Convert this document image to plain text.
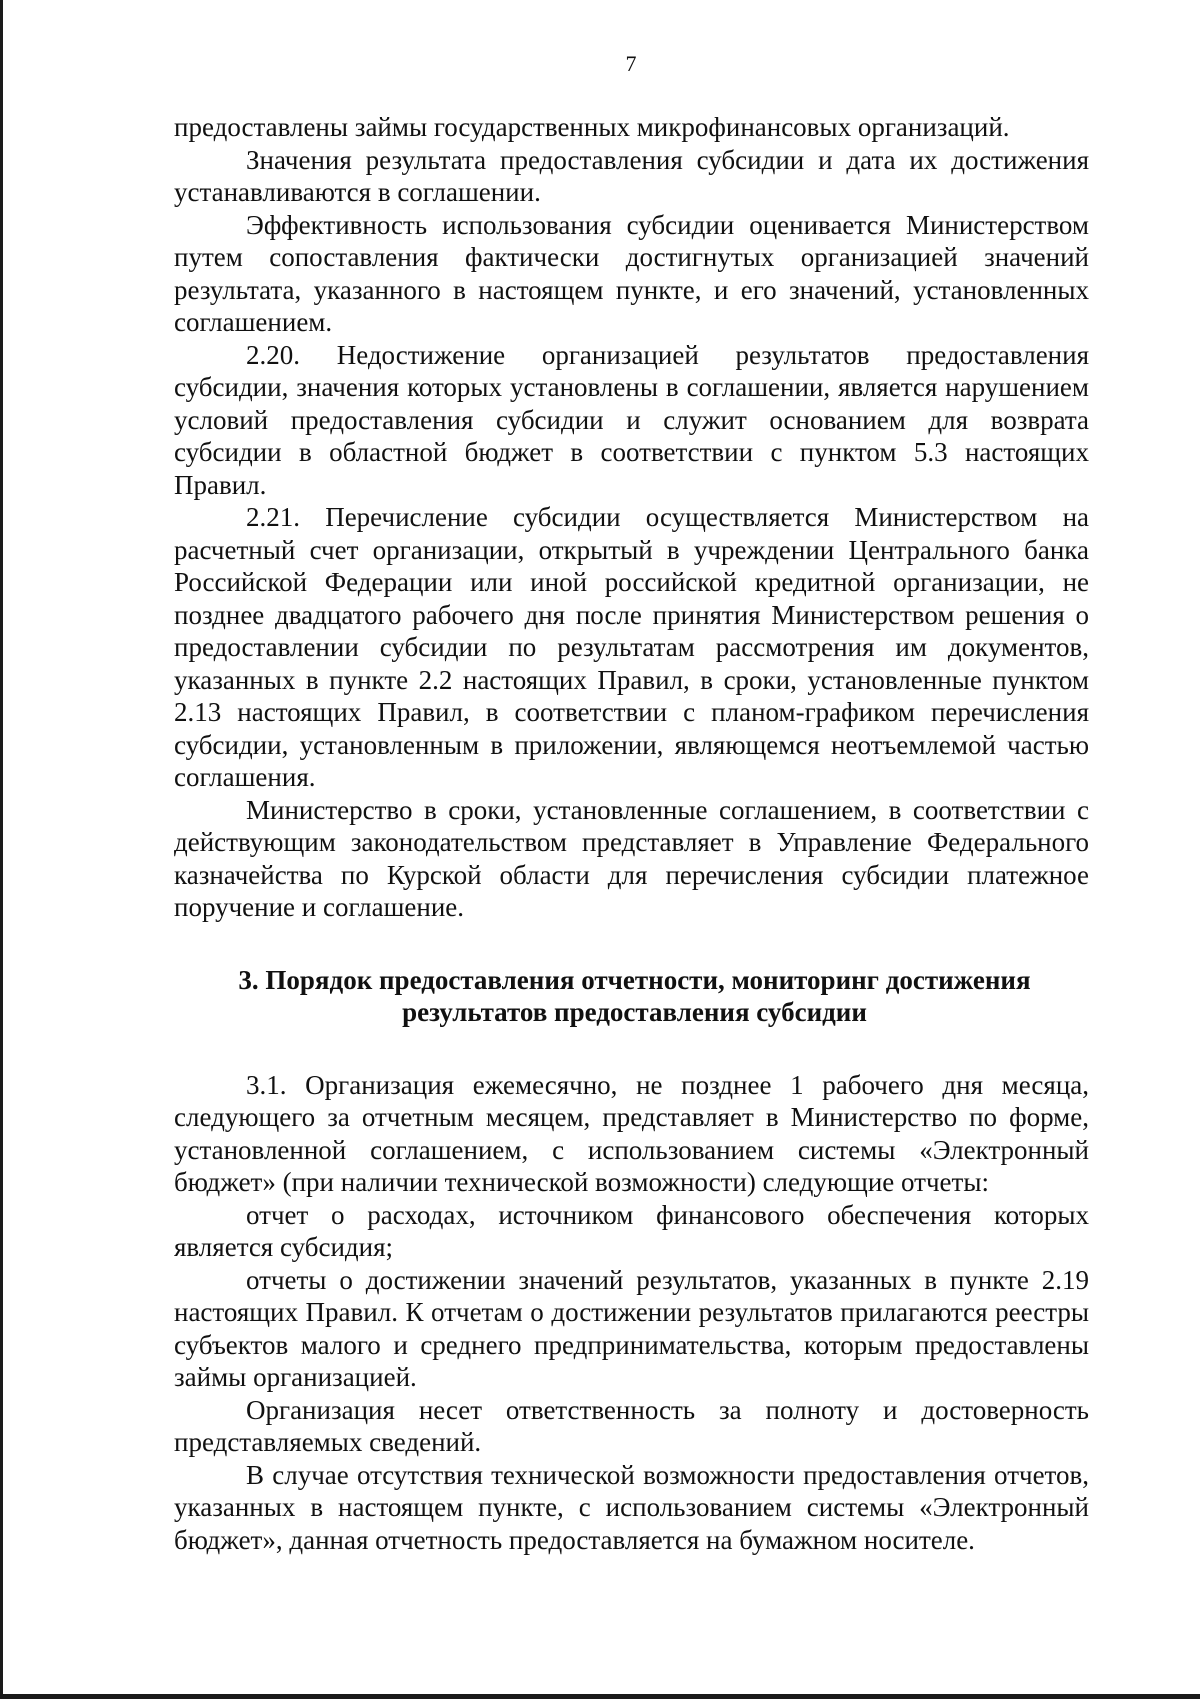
7

предоставлены займы государственных микрофинансовых организаций.

Значения результата предоставления субсидии и дата их достижения устанавливаются в соглашении.

Эффективность использования субсидии оценивается Министерством путем сопоставления фактически достигнутых организацией значений результата, указанного в настоящем пункте, и его значений, установленных соглашением.

2.20. Недостижение организацией результатов предоставления субсидии, значения которых установлены в соглашении, является нарушением условий предоставления субсидии и служит основанием для возврата субсидии в областной бюджет в соответствии с пунктом 5.3 настоящих Правил.

2.21. Перечисление субсидии осуществляется Министерством на расчетный счет организации, открытый в учреждении Центрального банка Российской Федерации или иной российской кредитной организации, не позднее двадцатого рабочего дня после принятия Министерством решения о предоставлении субсидии по результатам рассмотрения им документов, указанных в пункте 2.2 настоящих Правил, в сроки, установленные пунктом 2.13 настоящих Правил, в соответствии с планом-графиком перечисления субсидии, установленным в приложении, являющемся неотъемлемой частью соглашения.

Министерство в сроки, установленные соглашением, в соответствии с действующим законодательством представляет в Управление Федерального казначейства по Курской области для перечисления субсидии платежное поручение и соглашение.

3. Порядок предоставления отчетности, мониторинг достижения
результатов предоставления субсидии

3.1. Организация ежемесячно, не позднее 1 рабочего дня месяца, следующего за отчетным месяцем, представляет в Министерство по форме, установленной соглашением, с использованием системы «Электронный бюджет» (при наличии технической возможности) следующие отчеты:

отчет о расходах, источником финансового обеспечения которых является субсидия;

отчеты о достижении значений результатов, указанных в пункте 2.19 настоящих Правил. К отчетам о достижении результатов прилагаются реестры субъектов малого и среднего предпринимательства, которым предоставлены займы организацией.

Организация несет ответственность за полноту и достоверность представляемых сведений.

В случае отсутствия технической возможности предоставления отчетов, указанных в настоящем пункте, с использованием системы «Электронный бюджет», данная отчетность предоставляется на бумажном носителе.
